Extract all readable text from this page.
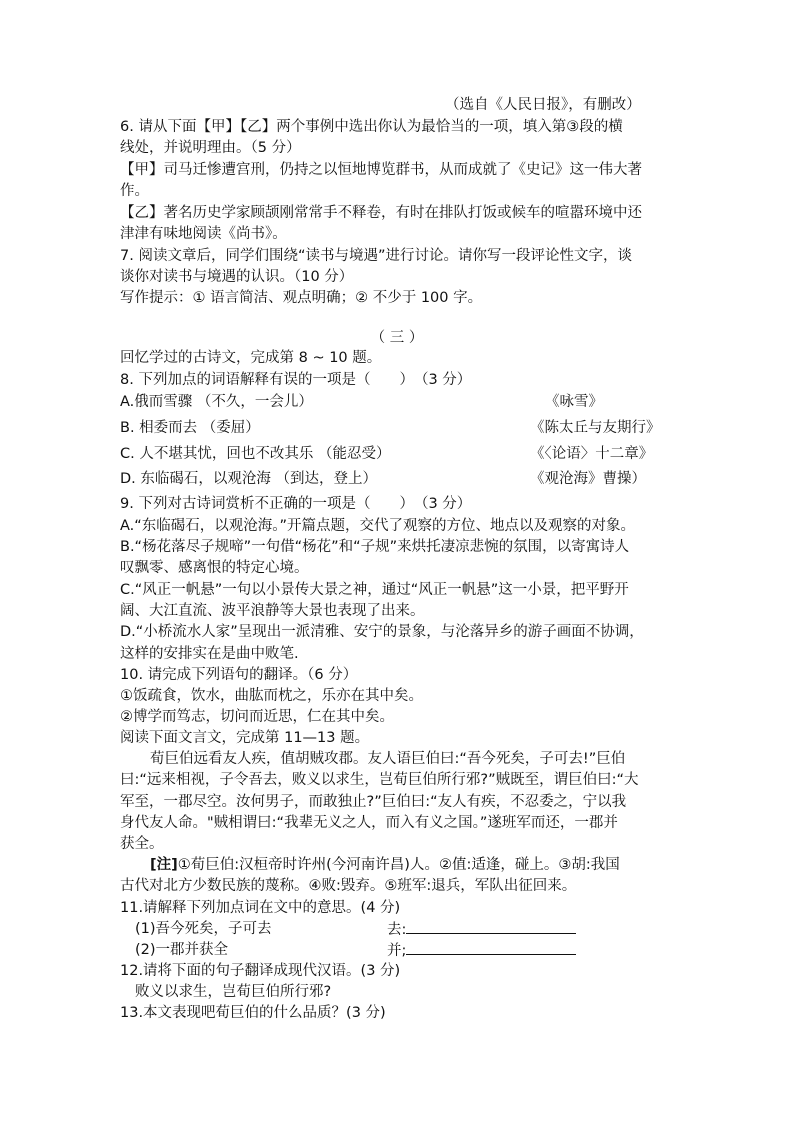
（选自《人民日报》，有删改）
6. 请从下面【甲】【乙】两个事例中选出你认为最恰当的一项，填入第③段的横
线处，并说明理由。（5 分）
【甲】司马迁惨遭宫刑，仍持之以恒地博览群书，从而成就了《史记》这一伟大著
作。
【乙】著名历史学家顾颉刚常常手不释卷，有时在排队打饭或候车的喧嚣环境中还
津津有味地阅读《尚书》。
7. 阅读文章后，同学们围绕“读书与境遇”进行讨论。请你写一段评论性文字，谈
谈你对读书与境遇的认识。（10 分）
写作提示：① 语言简洁、观点明确；② 不少于 100 字。
（ 三 ）
回忆学过的古诗文，完成第 8 ~ 10 题。
8. 下列加点的词语解释有误的一项是（　　）　（3 分）
A.俄而雪骤 （不久，一会儿）	《咏雪》
B. 相委而去 （委屈）	《陈太丘与友期行》
C. 人不堪其忧，回也不改其乐 （能忍受）	《〈论语〉十二章》
D. 东临碣石，以观沧海 （到达，登上）	《观沧海》曹操）
9. 下列对古诗词赏析不正确的一项是（　　）　（3 分）
A.“东临碣石，以观沧海。”开篇点题，交代了观察的方位、地点以及观察的对象。
B.“杨花落尽子规啼”一句借“杨花”和“子规”来烘托凄凉悲惋的氛围，以寄寓诗人
叹飘零、感离恨的特定心境。
C.“风正一帆悬”一句以小景传大景之神，通过“风正一帆悬”这一小景，把平野开
阔、大江直流、波平浪静等大景也表现了出来。
D.“小桥流水人家”呈现出一派清雅、安宁的景象，与沦落异乡的游子画面不协调，
这样的安排实在是曲中败笔.
10. 请完成下列语句的翻译。（6 分）
①饭疏食，饮水，曲肱而枕之，乐亦在其中矣。
②博学而笃志，切问而近思，仁在其中矣。
阅读下面文言文，完成第 11—13 题。
荀巨伯远看友人疾，值胡贼攻郡。友人语巨伯曰:“吾今死矣，子可去!”巨伯
曰:“远来相视，子令吾去，败义以求生，岂荀巨伯所行邪?”贼既至，谓巨伯曰:“大
军至，一郡尽空。汝何男子，而敢独止?”巨伯曰:“友人有疾，不忍委之，宁以我
身代友人命。"贼相谓曰:“我辈无义之人，而入有义之国。”遂班军而还，一郡并
获全。
[注]①荀巨伯:汉桓帝时许州(今河南许昌)人。②值:适逢，碰上。③胡:我国
古代对北方少数民族的蔑称。④败:毁弃。⑤班军:退兵，军队出征回来。
11.请解释下列加点词在文中的意思。(4 分)
(1)吾今死矣，子可去	去:
(2)一郡并获全	并;
12.请将下面的句子翻译成现代汉语。(3 分)
败义以求生，岂荀巨伯所行邪?
13.本文表现吧荀巨伯的什么品质？(3 分)
